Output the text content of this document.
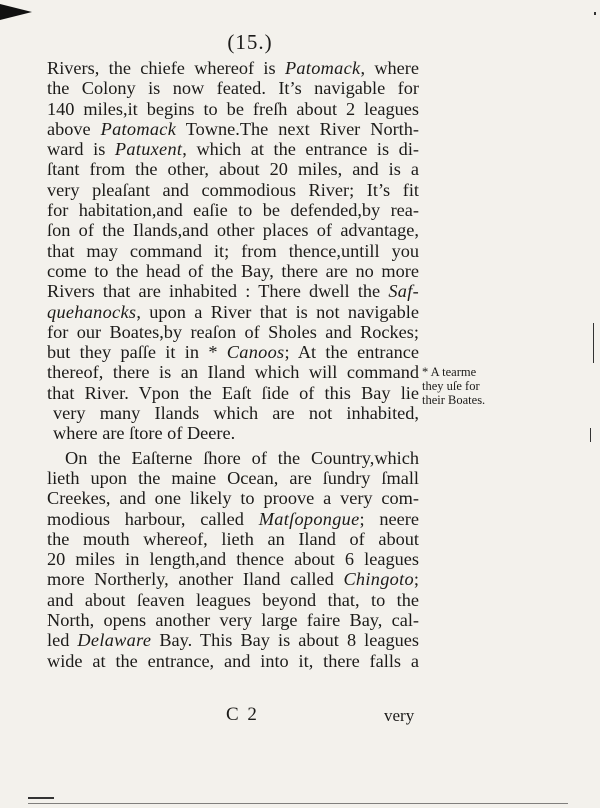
(15.)
Rivers, the chiefe whereof is Patomack, where
the Colony is now feated. It’s navigable for
140 miles,it begins to be freſh about 2 leagues
above Patomack Towne.The next River North-
ward is Patuxent, which at the entrance is di-
ſtant from the other, about 20 miles, and is a
very pleaſant and commodious River; It’s fit
for habitation,and eaſie to be defended,by rea-
ſon of the Ilands,and other places of advantage,
that may command it; from thence,untill you
come to the head of the Bay, there are no more
Rivers that are inhabited : There dwell the Saf-
quehanocks, upon a River that is not navigable
for our Boates,by reaſon of Sholes and Rockes;
but they paſſe it in * Canoos; At the entrance
thereof, there is an Iland which will command
that River. Vpon the Eaſt ſide of this Bay lie
very many Ilands which are not inhabited,
where are ſtore of Deere.
On the Eaſterne ſhore of the Country,which
lieth upon the maine Ocean, are ſundry ſmall
Creekes, and one likely to proove a very com-
modious harbour, called Matſopongue; neere
the mouth whereof, lieth an Iland of about
20 miles in length,and thence about 6 leagues
more Northerly, another Iland called Chingoto;
and about ſeaven leagues beyond that, to the
North, opens another very large faire Bay, cal-
led Delaware Bay. This Bay is about 8 leagues
wide at the entrance, and into it, there falls a
* A tearme
they uſe for
their Boates.
C 2	very
